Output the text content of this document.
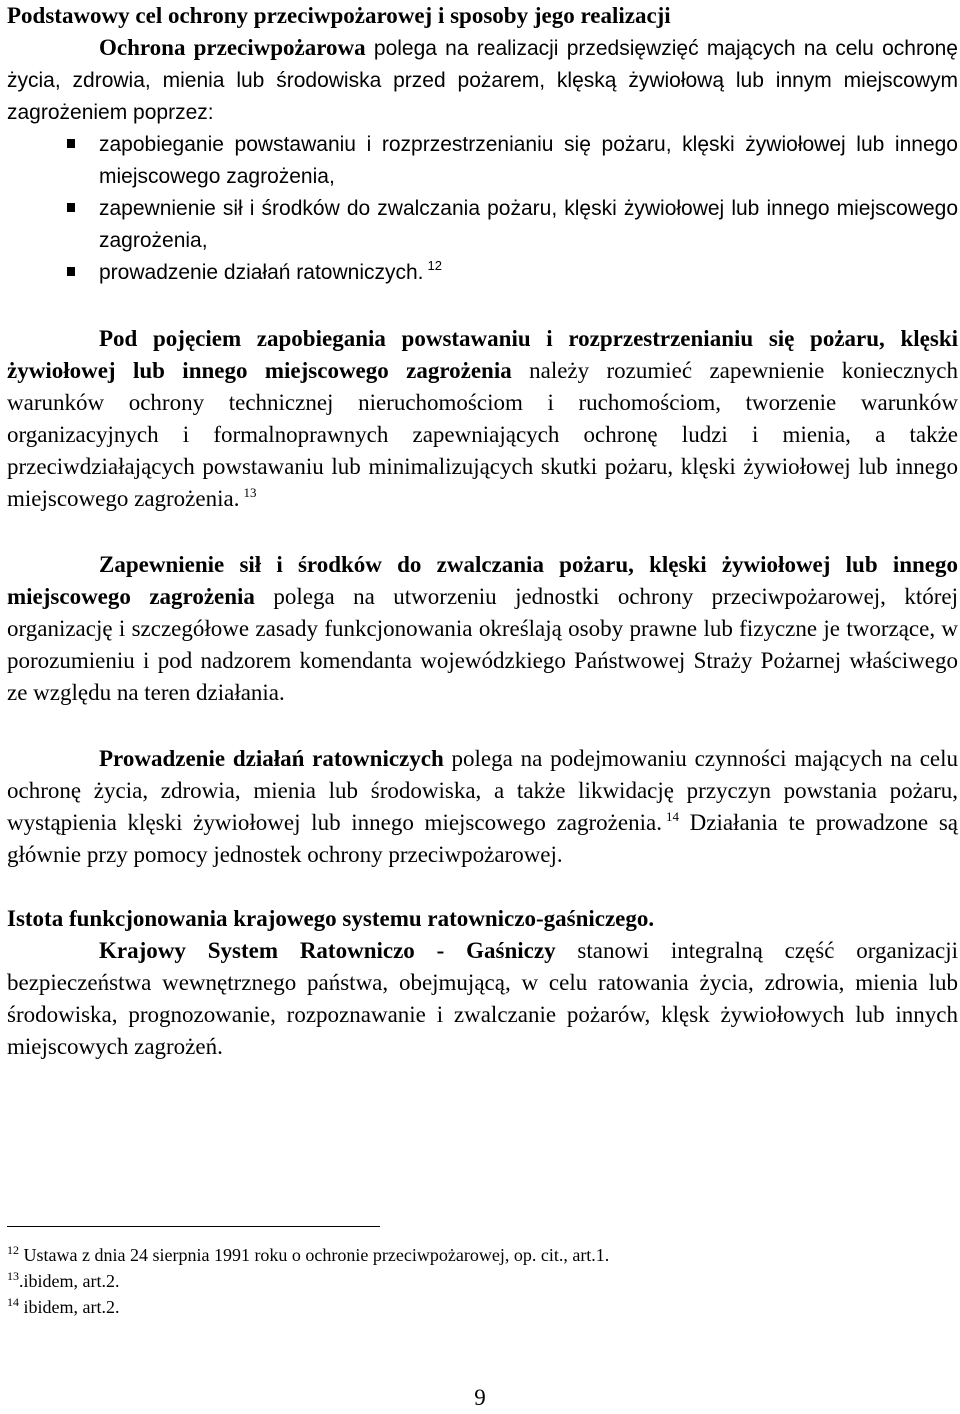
Podstawowy cel ochrony przeciwpożarowej i sposoby jego realizacji

Ochrona przeciwpożarowa polega na realizacji przedsięwzięć mających na celu ochronę życia, zdrowia, mienia lub środowiska przed pożarem, klęską żywiołową lub innym miejscowym zagrożeniem poprzez:

zapobieganie powstawaniu i rozprzestrzenianiu się pożaru, klęski żywiołowej lub innego miejscowego zagrożenia,
zapewnienie sił i środków do zwalczania pożaru, klęski żywiołowej lub innego miejscowego zagrożenia,
prowadzenie działań ratowniczych. $^{12}$

Pod pojęciem zapobiegania powstawaniu i rozprzestrzenianiu się pożaru, klęski żywiołowej lub innego miejscowego zagrożenia należy rozumieć zapewnienie koniecznych warunków ochrony technicznej nieruchomościom i ruchomościom, tworzenie warunków organizacyjnych i formalnoprawnych zapewniających ochronę ludzi i mienia, a także przeciwdziałających powstawaniu lub minimalizujących skutki pożaru, klęski żywiołowej lub innego miejscowego zagrożenia. $^{13}$

Zapewnienie sił i środków do zwalczania pożaru, klęski żywiołowej lub innego miejscowego zagrożenia polega na utworzeniu jednostki ochrony przeciwpożarowej, której organizację i szczegółowe zasady funkcjonowania określają osoby prawne lub fizyczne je tworzące, w porozumieniu i pod nadzorem komendanta wojewódzkiego Państwowej Straży Pożarnej właściwego ze względu na teren działania.

Prowadzenie działań ratowniczych polega na podejmowaniu czynności mających na celu ochronę życia, zdrowia, mienia lub środowiska, a także likwidację przyczyn powstania pożaru, wystąpienia klęski żywiołowej lub innego miejscowego zagrożenia. $^{14}$ Działania te prowadzone są głównie przy pomocy jednostek ochrony przeciwpożarowej.

Istota funkcjonowania krajowego systemu ratowniczo-gaśniczego.

Krajowy System Ratowniczo - Gaśniczy stanowi integralną część organizacji bezpieczeństwa wewnętrznego państwa, obejmującą, w celu ratowania życia, zdrowia, mienia lub środowiska, prognozowanie, rozpoznawanie i zwalczanie pożarów, klęsk żywiołowych lub innych miejscowych zagrożeń.

$^{12}$ Ustawa z dnia 24 sierpnia 1991 roku o ochronie przeciwpożarowej, op. cit., art.1.
$^{13}$.ibidem, art.2.
$^{14}$ ibidem, art.2.
9
